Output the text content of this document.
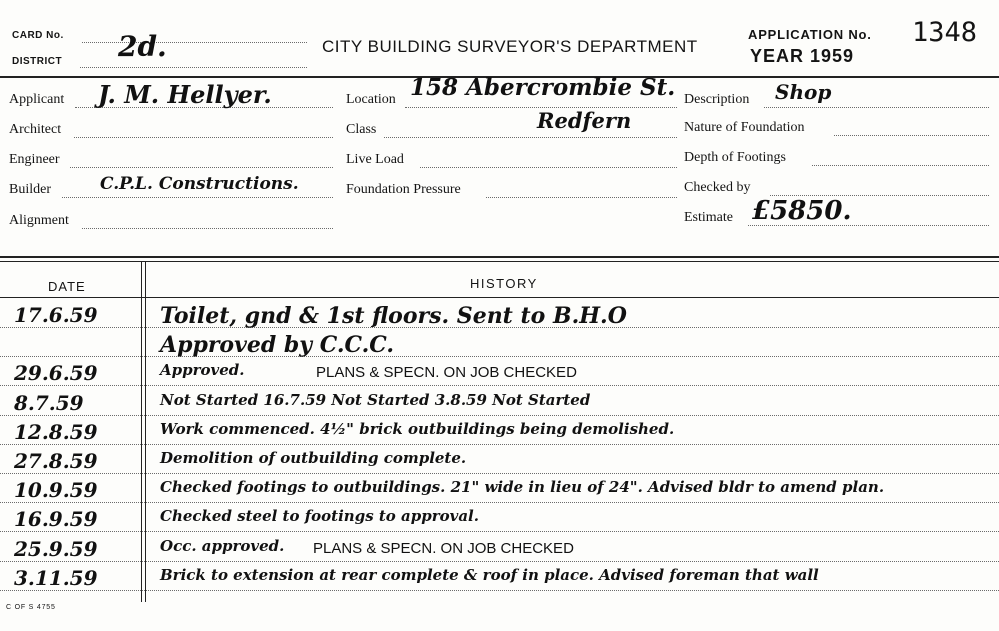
CARD No.
DISTRICT 2d.	CITY BUILDING SURVEYOR'S DEPARTMENT
APPLICATION No. 1348
YEAR 1959
Applicant J. M. Hellyer.
Architect
Engineer
Builder	C.P.L. Constructions.
Alignment
Location 158 Abercrombie St.
Class	Redfern
Live Load
Foundation Pressure
Description Shop
Nature of Foundation
Depth of Footings
Checked by
Estimate £5850.
DATE	HISTORY
17.6.59	Toilet, gnd & 1st floors. Sent to B.H.O
Approved by C.C.C.
29.6.59	Approved.	PLANS & SPECN. ON JOB CHECKED
8.7.59	Not Started 16.7.59 Not Started 3.8.59 Not Started
12.8.59	Work commenced. 4½" brick outbuildings being demolished.
27.8.59	Demolition of outbuilding complete.
10.9.59	Checked footings to outbuildings. 21" wide in lieu of 24". Advised bldr to amend plan.
16.9.59	Checked steel to footings to approval.
25.9.59	Occ. approved. PLANS & SPECN. ON JOB CHECKED
3.11.59	Brick to extension at rear complete & roof in place. Advised foreman that wall
C OF S 4755
